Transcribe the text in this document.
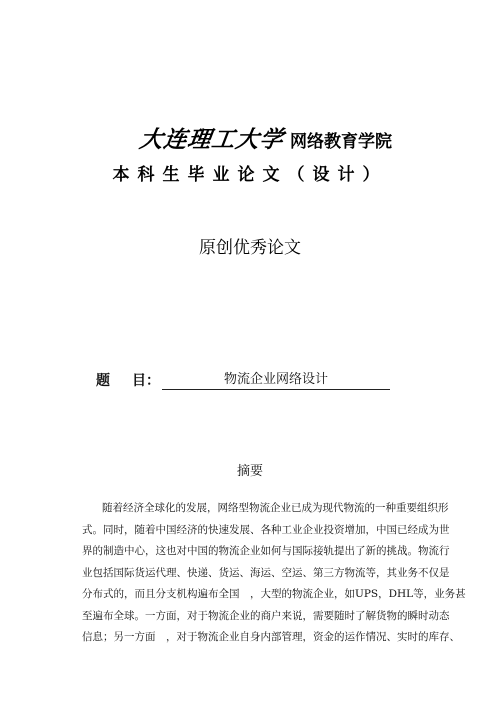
大连理工大学 网络教育学院
本科生毕业论文（设计）
原创优秀论文
题 目：	物流企业网络设计
摘要
随着经济全球化的发展，网络型物流企业已成为现代物流的一种重要组织形
式。同时，随着中国经济的快速发展、各种工业企业投资增加，中国已经成为世
界的制造中心，这也对中国的物流企业如何与国际接轨提出了新的挑战。物流行
业包括国际货运代理、快递、货运、海运、空运、第三方物流等，其业务不仅是
分布式的，而且分支机构遍布全国　，大型的物流企业，如UPS，DHL等，业务甚
至遍布全球。一方面，对于物流企业的商户来说，需要随时了解货物的瞬时动态
信息；另一方面　，对于物流企业自身内部管理，资金的运作情况、实时的库存、
